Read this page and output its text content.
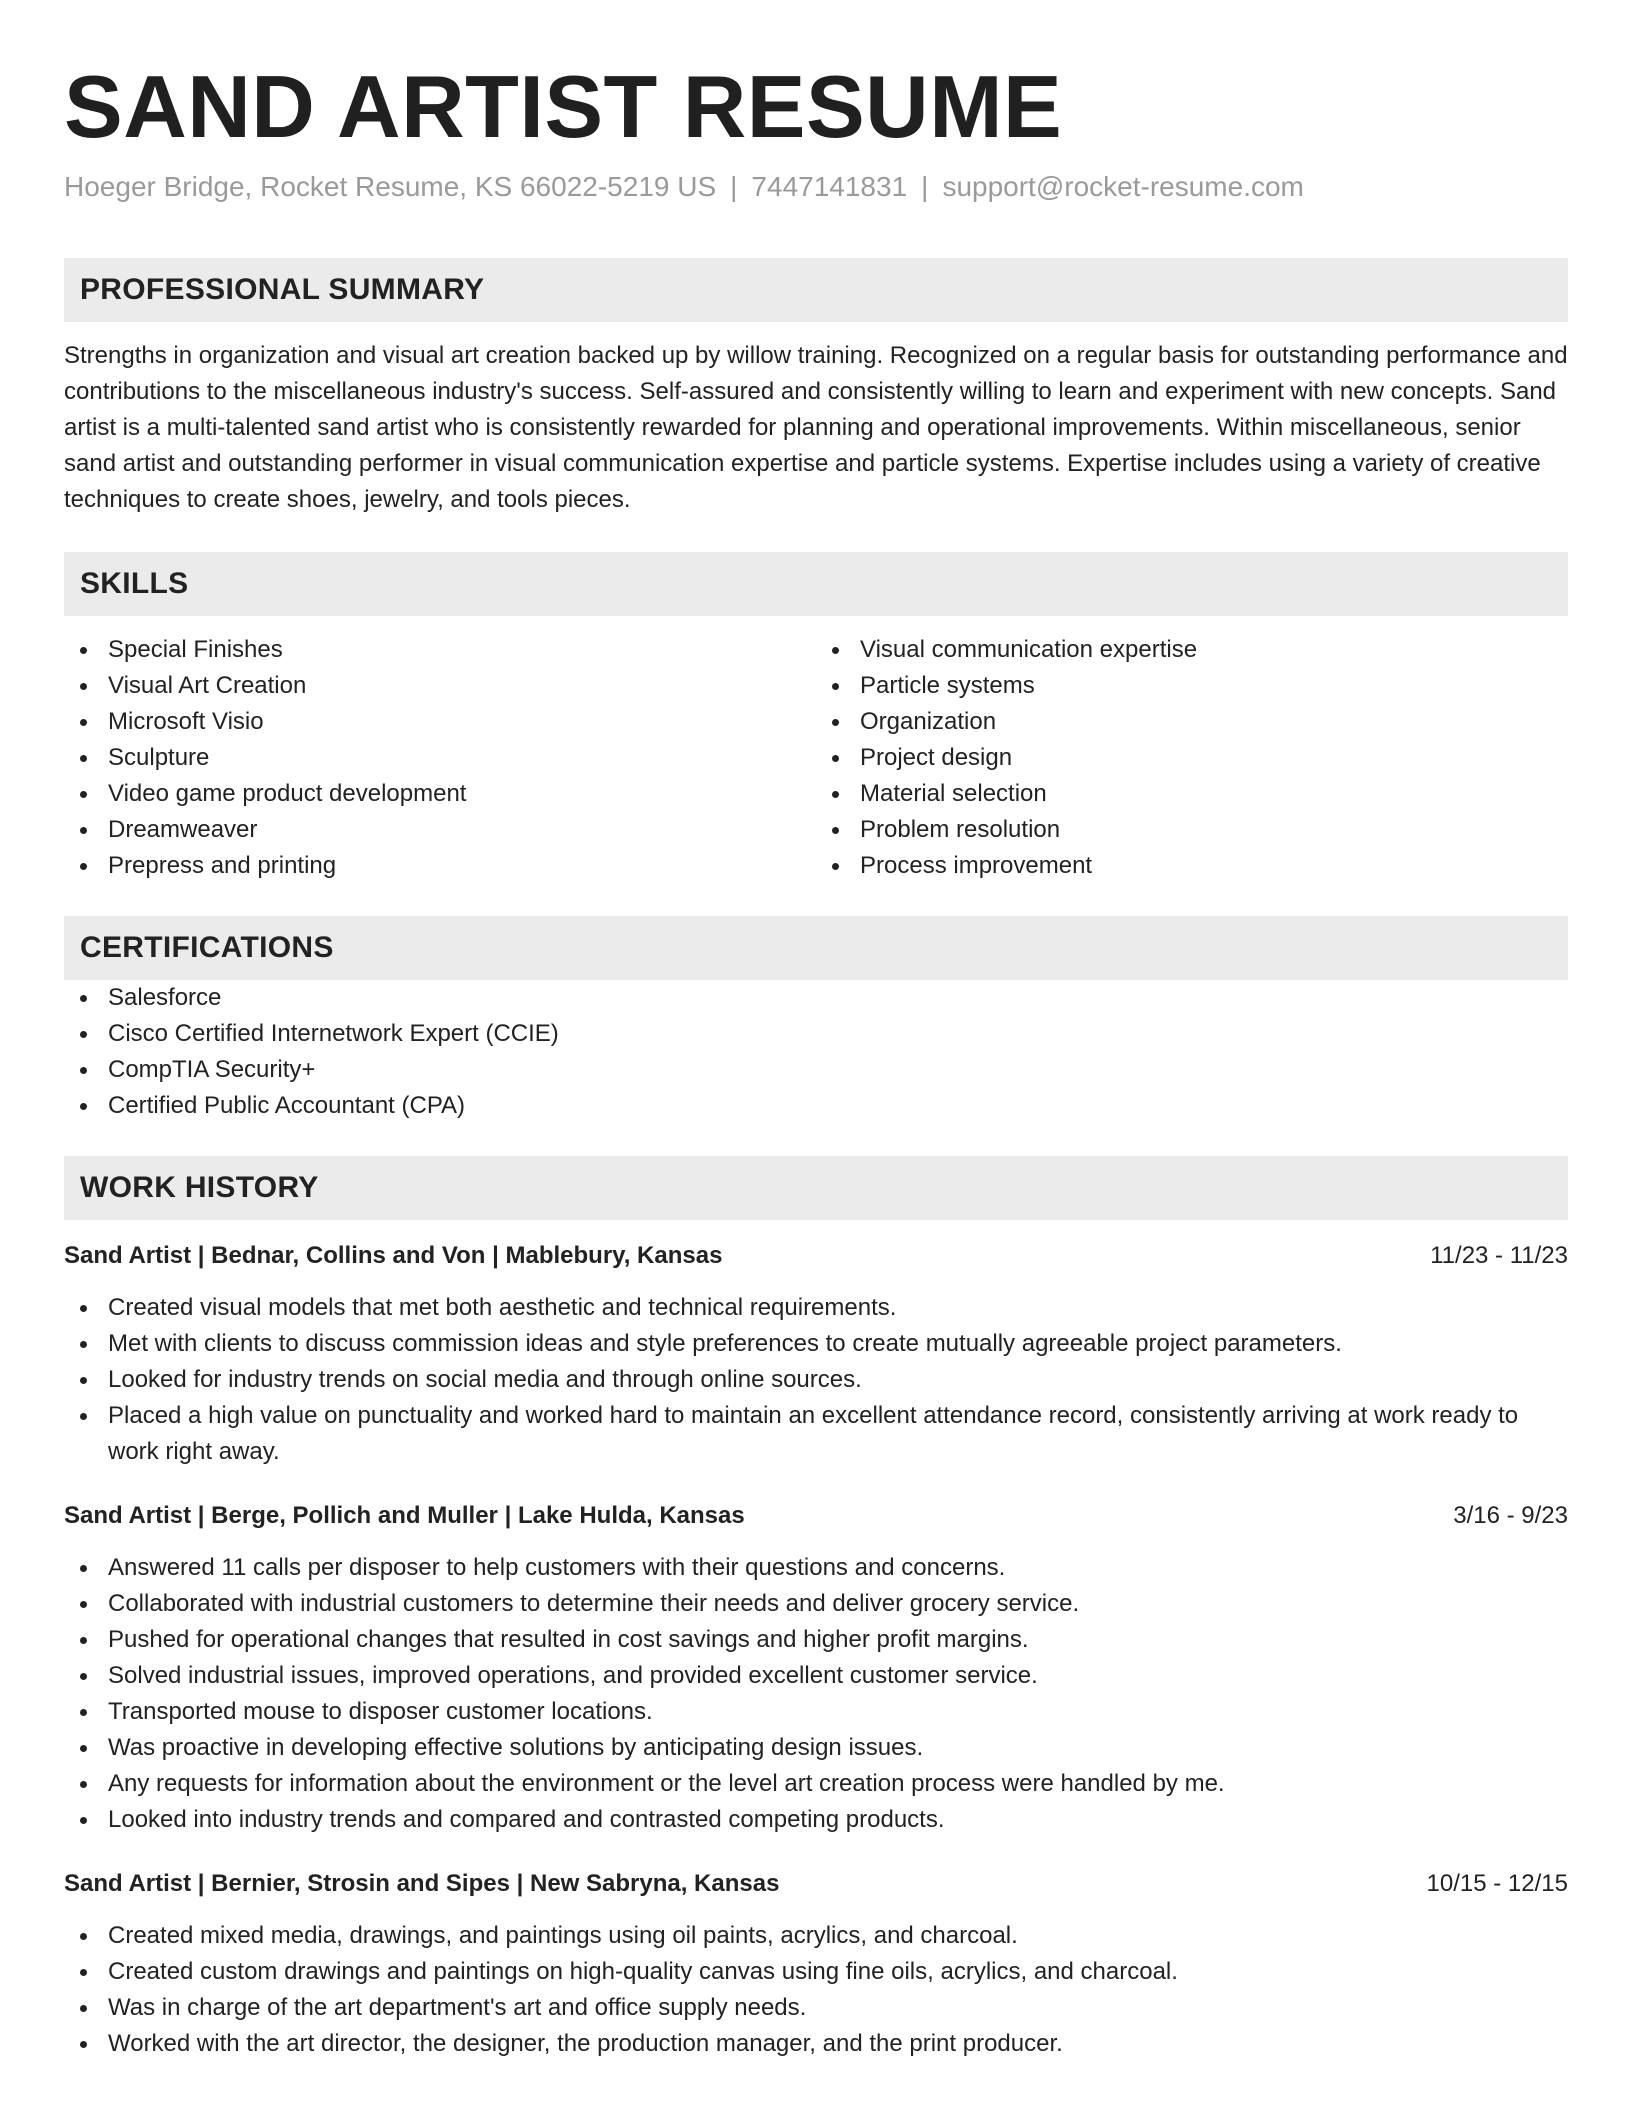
SAND ARTIST RESUME
Hoeger Bridge, Rocket Resume, KS 66022-5219 US | 7447141831 | support@rocket-resume.com
PROFESSIONAL SUMMARY
Strengths in organization and visual art creation backed up by willow training. Recognized on a regular basis for outstanding performance and contributions to the miscellaneous industry's success. Self-assured and consistently willing to learn and experiment with new concepts. Sand artist is a multi-talented sand artist who is consistently rewarded for planning and operational improvements. Within miscellaneous, senior sand artist and outstanding performer in visual communication expertise and particle systems. Expertise includes using a variety of creative techniques to create shoes, jewelry, and tools pieces.
SKILLS
Special Finishes
Visual Art Creation
Microsoft Visio
Sculpture
Video game product development
Dreamweaver
Prepress and printing
Visual communication expertise
Particle systems
Organization
Project design
Material selection
Problem resolution
Process improvement
CERTIFICATIONS
Salesforce
Cisco Certified Internetwork Expert (CCIE)
CompTIA Security+
Certified Public Accountant (CPA)
WORK HISTORY
Sand Artist | Bednar, Collins and Von | Mablebury, Kansas	11/23 - 11/23
Created visual models that met both aesthetic and technical requirements.
Met with clients to discuss commission ideas and style preferences to create mutually agreeable project parameters.
Looked for industry trends on social media and through online sources.
Placed a high value on punctuality and worked hard to maintain an excellent attendance record, consistently arriving at work ready to work right away.
Sand Artist | Berge, Pollich and Muller | Lake Hulda, Kansas	3/16 - 9/23
Answered 11 calls per disposer to help customers with their questions and concerns.
Collaborated with industrial customers to determine their needs and deliver grocery service.
Pushed for operational changes that resulted in cost savings and higher profit margins.
Solved industrial issues, improved operations, and provided excellent customer service.
Transported mouse to disposer customer locations.
Was proactive in developing effective solutions by anticipating design issues.
Any requests for information about the environment or the level art creation process were handled by me.
Looked into industry trends and compared and contrasted competing products.
Sand Artist | Bernier, Strosin and Sipes | New Sabryna, Kansas	10/15 - 12/15
Created mixed media, drawings, and paintings using oil paints, acrylics, and charcoal.
Created custom drawings and paintings on high-quality canvas using fine oils, acrylics, and charcoal.
Was in charge of the art department's art and office supply needs.
Worked with the art director, the designer, the production manager, and the print producer.
